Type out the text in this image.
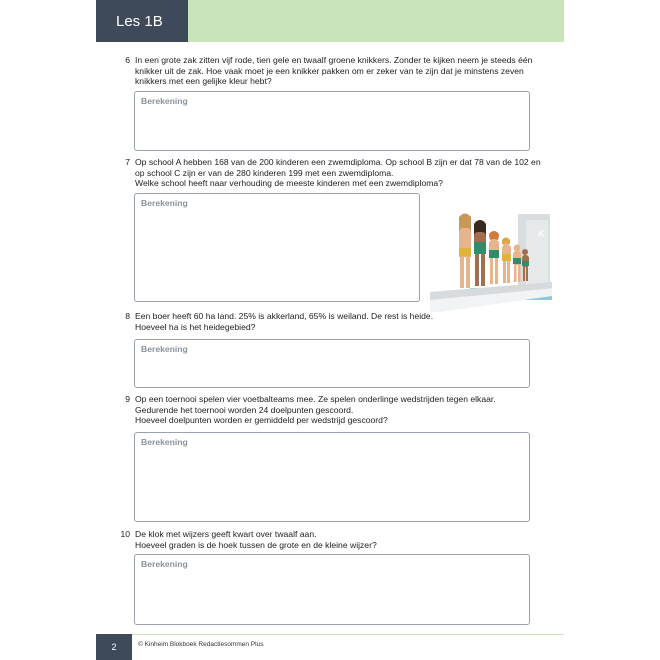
Les 1B
6 In een grote zak zitten vijf rode, tien gele en twaalf groene knikkers. Zonder te kijken neem je steeds één
knikker uit de zak. Hoe vaak moet je een knikker pakken om er zeker van te zijn dat je minstens zeven
knikkers met een gelijke kleur hebt?
Berekening
7 Op school A hebben 168 van de 200 kinderen een zwemdiploma. Op school B zijn er dat 78 van de 102 en
op school C zijn er van de 280 kinderen 199 met een zwemdiploma.
Welke school heeft naar verhouding de meeste kinderen met een zwemdiploma?
Berekening
K
8 Een boer heeft 60 ha land. 25% is akkerland, 65% is weiland. De rest is heide.
Hoeveel ha is het heidegebied?
Berekening
9 Op een toernooi spelen vier voetbalteams mee. Ze spelen onderlinge wedstrijden tegen elkaar.
Gedurende het toernooi worden 24 doelpunten gescoord.
Hoeveel doelpunten worden er gemiddeld per wedstrijd gescoord?
Berekening
10 De klok met wijzers geeft kwart over twaalf aan.
Hoeveel graden is de hoek tussen de grote en de kleine wijzer?
Berekening
2	© Kinheim Blokboek Redactiesommen Plus
